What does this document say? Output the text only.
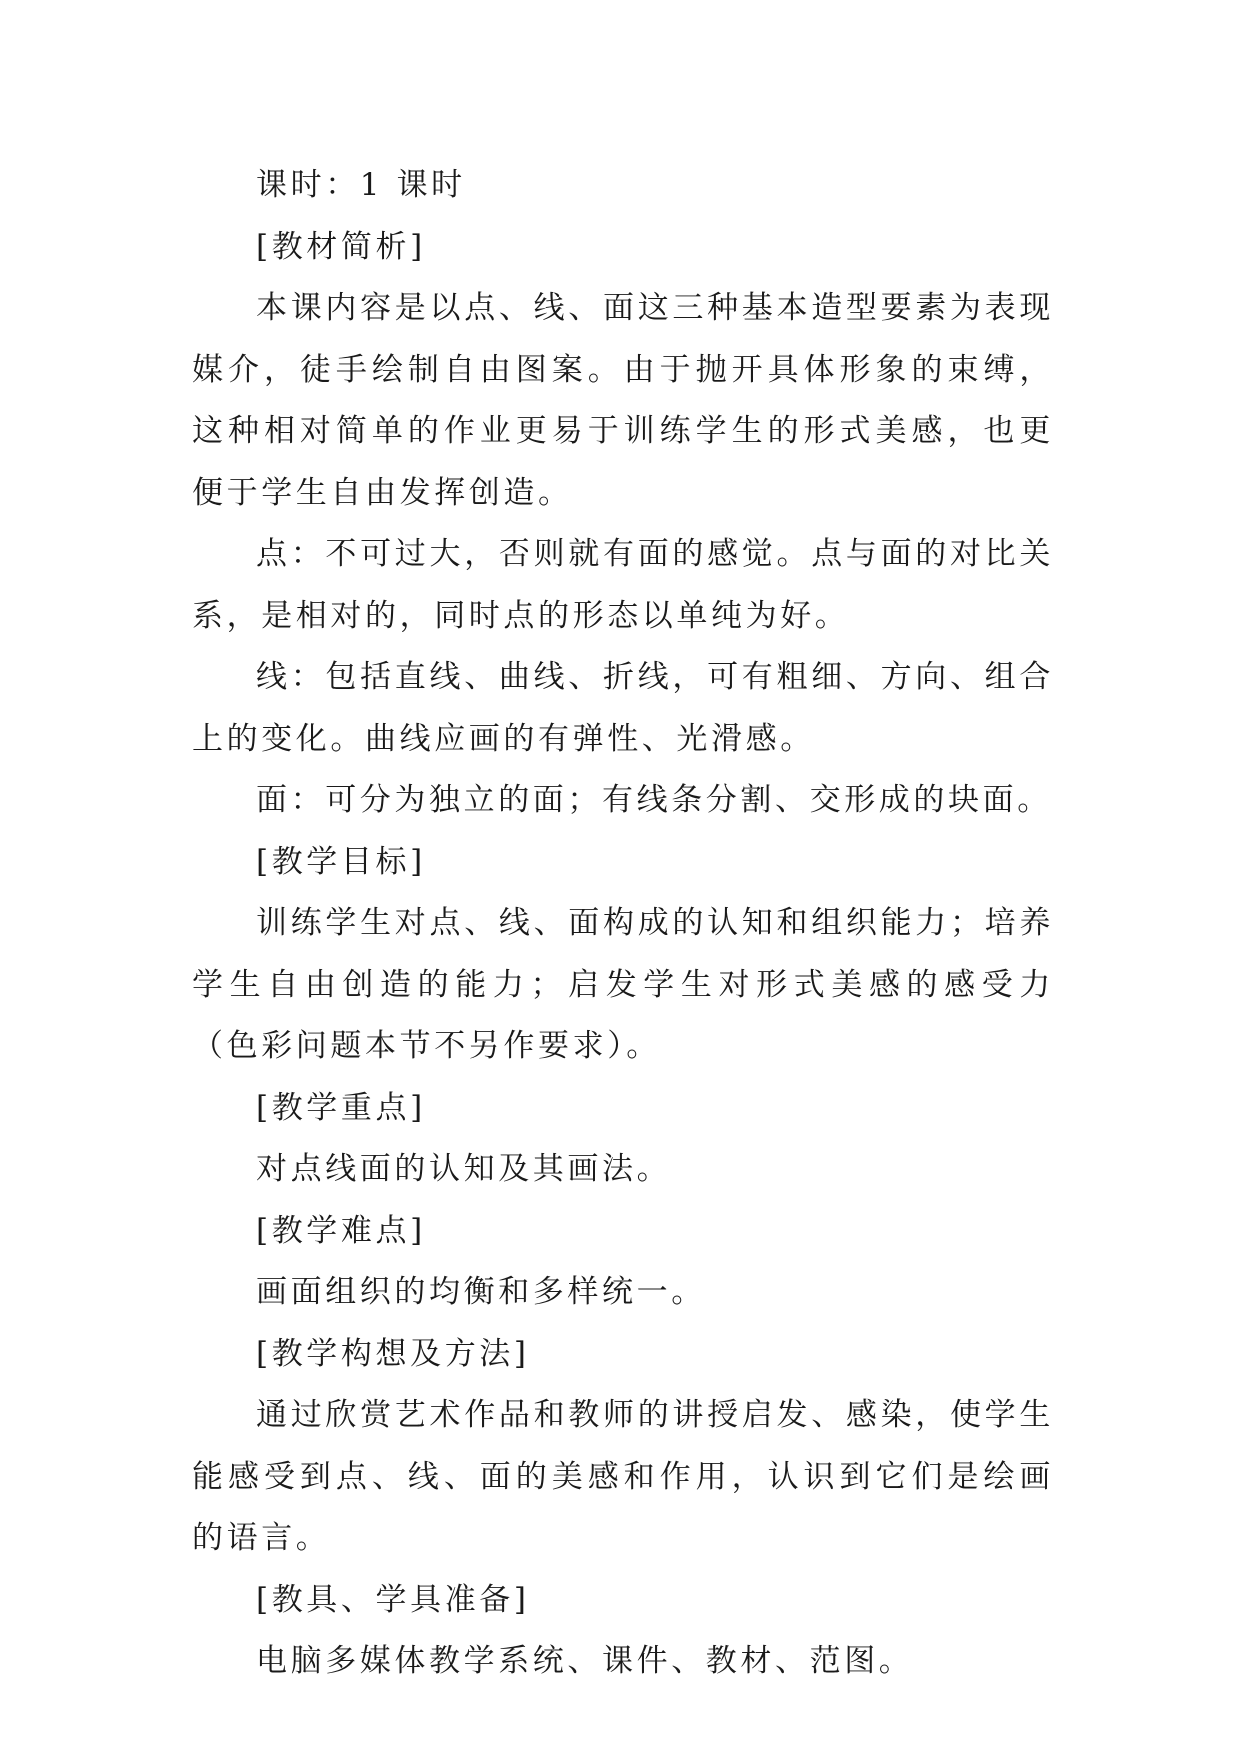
课时：1 课时

[教材简析]

本课内容是以点、线、面这三种基本造型要素为表现媒介，徒手绘制自由图案。由于抛开具体形象的束缚，这种相对简单的作业更易于训练学生的形式美感，也更便于学生自由发挥创造。

点：不可过大，否则就有面的感觉。点与面的对比关系，是相对的，同时点的形态以单纯为好。

线：包括直线、曲线、折线，可有粗细、方向、组合上的变化。曲线应画的有弹性、光滑感。

面：可分为独立的面；有线条分割、交形成的块面。

[教学目标]

训练学生对点、线、面构成的认知和组织能力；培养学生自由创造的能力；启发学生对形式美感的感受力（色彩问题本节不另作要求）。

[教学重点]

对点线面的认知及其画法。

[教学难点]

画面组织的均衡和多样统一。

[教学构想及方法]

通过欣赏艺术作品和教师的讲授启发、感染，使学生能感受到点、线、面的美感和作用，认识到它们是绘画的语言。

[教具、学具准备]

电脑多媒体教学系统、课件、教材、范图。
